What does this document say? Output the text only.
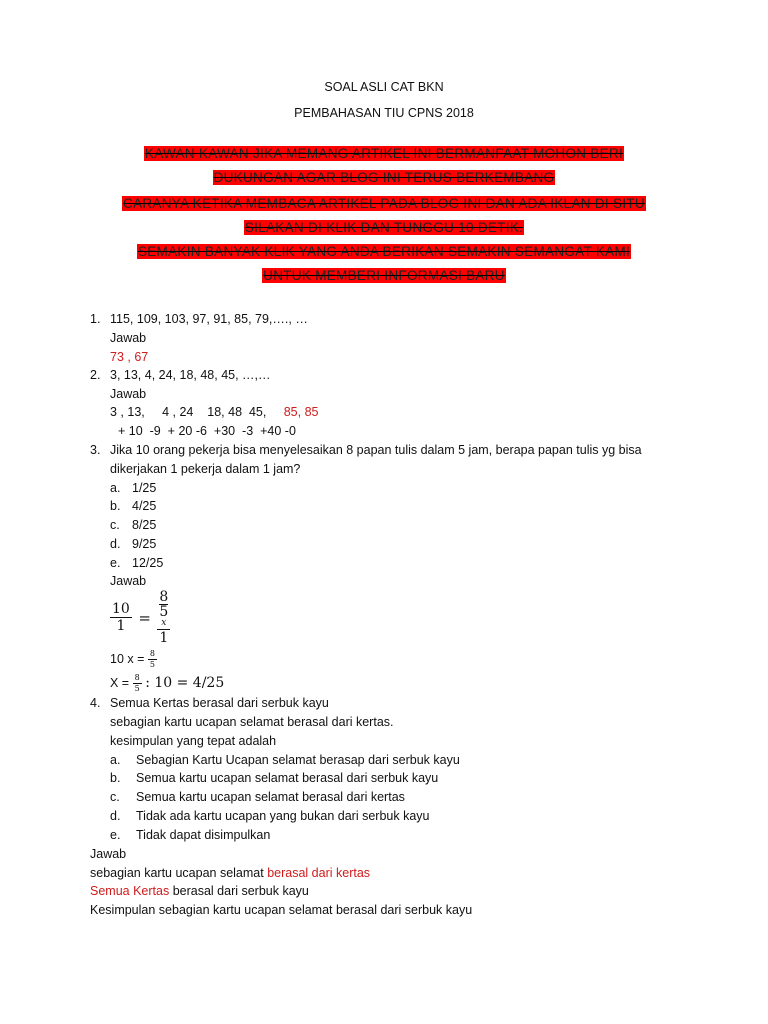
SOAL ASLI CAT BKN
PEMBAHASAN TIU CPNS 2018
KAWAN KAWAN JIKA MEMANG ARTIKEL INI BERMANFAAT MOHON BERI
DUKUNGAN AGAR BLOG INI TERUS BERKEMBANG
CARANYA KETIKA MEMBACA ARTIKEL PADA BLOG INI DAN ADA IKLAN DI SITU
SILAKAN DI KLIK DAN TUNGGU 10 DETIK.
SEMAKIN BANYAK KLIK YANG ANDA BERIKAN SEMAKIN SEMANGAT KAMI
UNTUK MEMBERI INFORMASI BARU
1. 115, 109, 103, 97, 91, 85, 79,…., …
Jawab
73 , 67
2. 3, 13, 4, 24, 18, 48, 45, …,…
Jawab
3 , 13,     4 , 24    18, 48  45, 85, 85
+ 10  -9  + 20 -6  +30  -3  +40 -0
3. Jika 10 orang pekerja bisa menyelesaikan 8 papan tulis dalam 5 jam, berapa papan tulis yg bisa
dikerjakan 1 pekerja dalam 1 jam?
a. 1/25
b. 4/25
c. 8/25
d. 9/25
e. 12/25
Jawab
$\frac{10}{1} = 8$
5
x
1
10 $x = \frac{8}{5}$
$X = \frac{8}{5}$ : 10 = 4/25
4. Semua Kertas berasal dari serbuk kayu
sebagian kartu ucapan selamat berasal dari kertas.
kesimpulan yang tepat adalah
a. Sebagian Kartu Ucapan selamat berasap dari serbuk kayu
b. Semua kartu ucapan selamat berasal dari serbuk kayu
c. Semua kartu ucapan selamat berasal dari kertas
d. Tidak ada kartu ucapan yang bukan dari serbuk kayu
e. Tidak dapat disimpulkan
Jawab
sebagian kartu ucapan selamat berasal dari kertas
Semua Kertas berasal dari serbuk kayu
Kesimpulan sebagian kartu ucapan selamat berasal dari serbuk kayu
